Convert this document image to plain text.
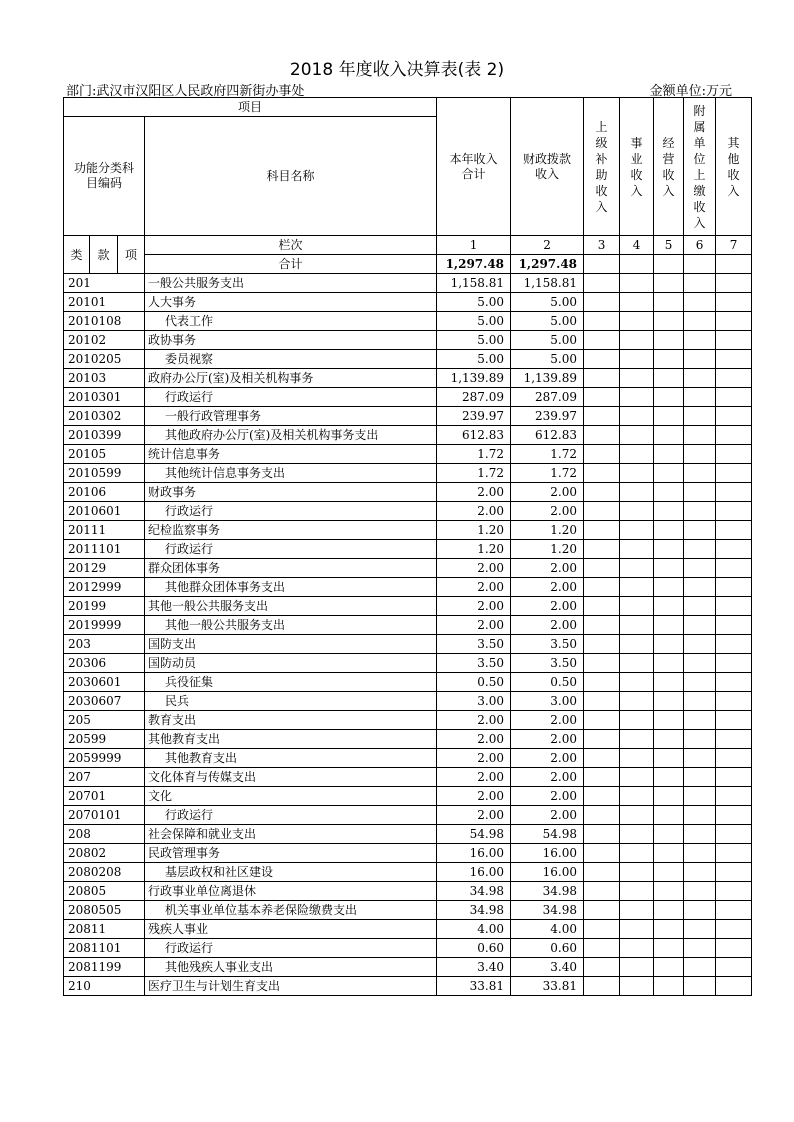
2018 年度收入决算表(表 2)
部门:武汉市汉阳区人民政府四新街办事处	金额单位:万元
项目				本年收入合计	财政拨款收入	上级补助收入	事业收入	经营收入	附属单位上缴收入	其他收入
功能分类科目编码			科目名称							
类	款	项	栏次	1	2	3	4	5	6	7
			合计	1,297.48	1,297.48					
201			一般公共服务支出	1,158.81	1,158.81					
20101			人大事务	5.00	5.00					
2010108			代表工作	5.00	5.00					
20102			政协事务	5.00	5.00					
2010205			委员视察	5.00	5.00					
20103			政府办公厅(室)及相关机构事务	1,139.89	1,139.89					
2010301			行政运行	287.09	287.09					
2010302			一般行政管理事务	239.97	239.97					
2010399			其他政府办公厅(室)及相关机构事务支出	612.83	612.83					
20105			统计信息事务	1.72	1.72					
2010599			其他统计信息事务支出	1.72	1.72					
20106			财政事务	2.00	2.00					
2010601			行政运行	2.00	2.00					
20111			纪检监察事务	1.20	1.20					
2011101			行政运行	1.20	1.20					
20129			群众团体事务	2.00	2.00					
2012999			其他群众团体事务支出	2.00	2.00					
20199			其他一般公共服务支出	2.00	2.00					
2019999			其他一般公共服务支出	2.00	2.00					
203			国防支出	3.50	3.50					
20306			国防动员	3.50	3.50					
2030601			兵役征集	0.50	0.50					
2030607			民兵	3.00	3.00					
205			教育支出	2.00	2.00					
20599			其他教育支出	2.00	2.00					
2059999			其他教育支出	2.00	2.00					
207			文化体育与传媒支出	2.00	2.00					
20701			文化	2.00	2.00					
2070101			行政运行	2.00	2.00					
208			社会保障和就业支出	54.98	54.98					
20802			民政管理事务	16.00	16.00					
2080208			基层政权和社区建设	16.00	16.00					
20805			行政事业单位离退休	34.98	34.98					
2080505			机关事业单位基本养老保险缴费支出	34.98	34.98					
20811			残疾人事业	4.00	4.00					
2081101			行政运行	0.60	0.60					
2081199			其他残疾人事业支出	3.40	3.40					
210			医疗卫生与计划生育支出	33.81	33.81					
